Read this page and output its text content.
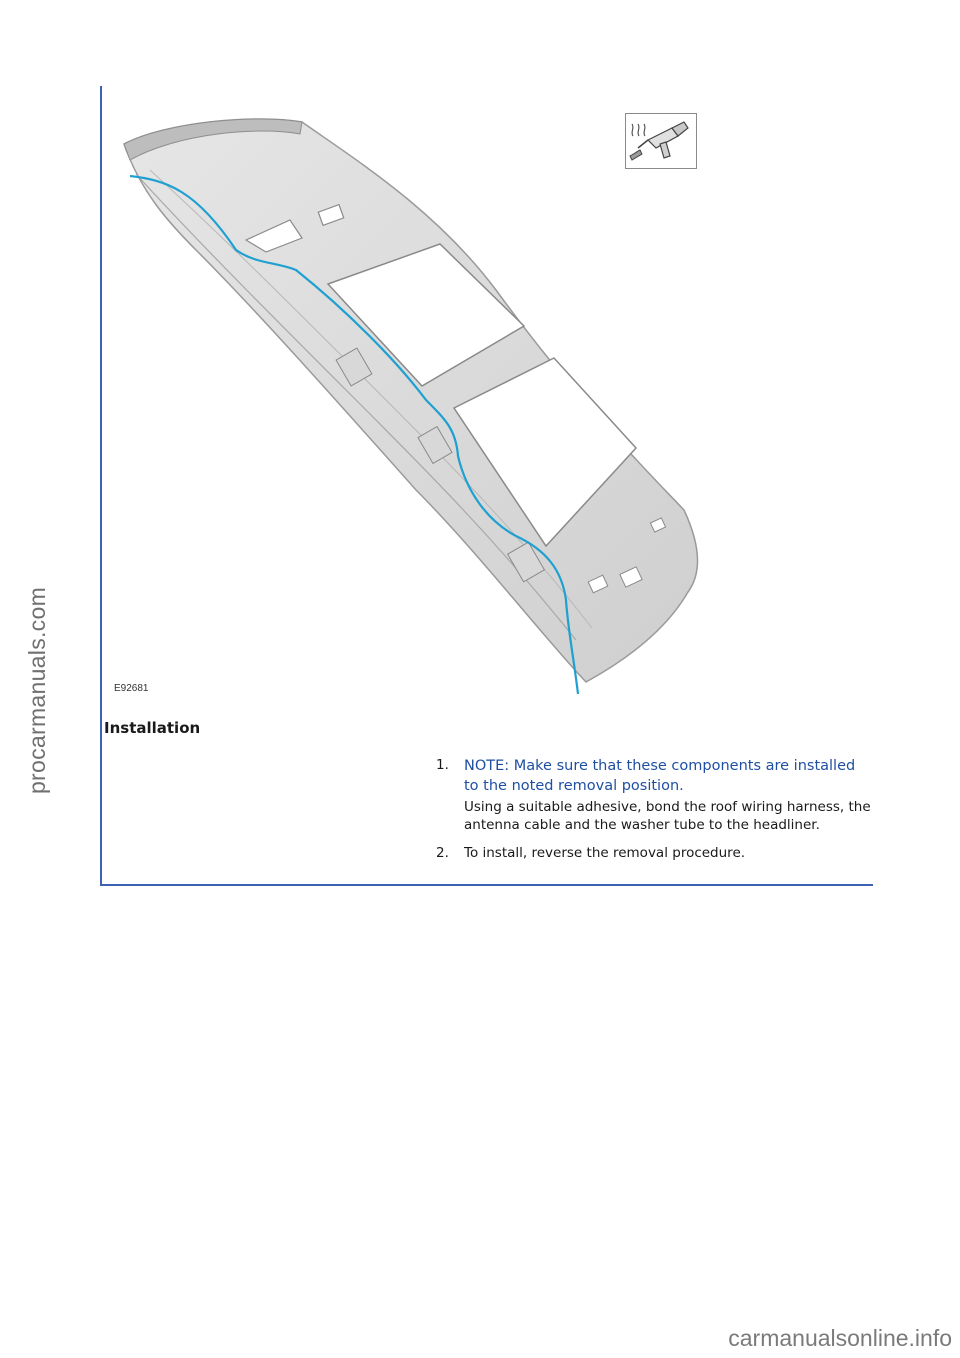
procarmanuals.com	E92681
Installation
1. NOTE: Make sure that these components are installed to the noted removal position.
Using a suitable adhesive, bond the roof wiring harness, the antenna cable and the washer tube to the headliner.
2. To install, reverse the removal procedure.
carmanualsonline.info
